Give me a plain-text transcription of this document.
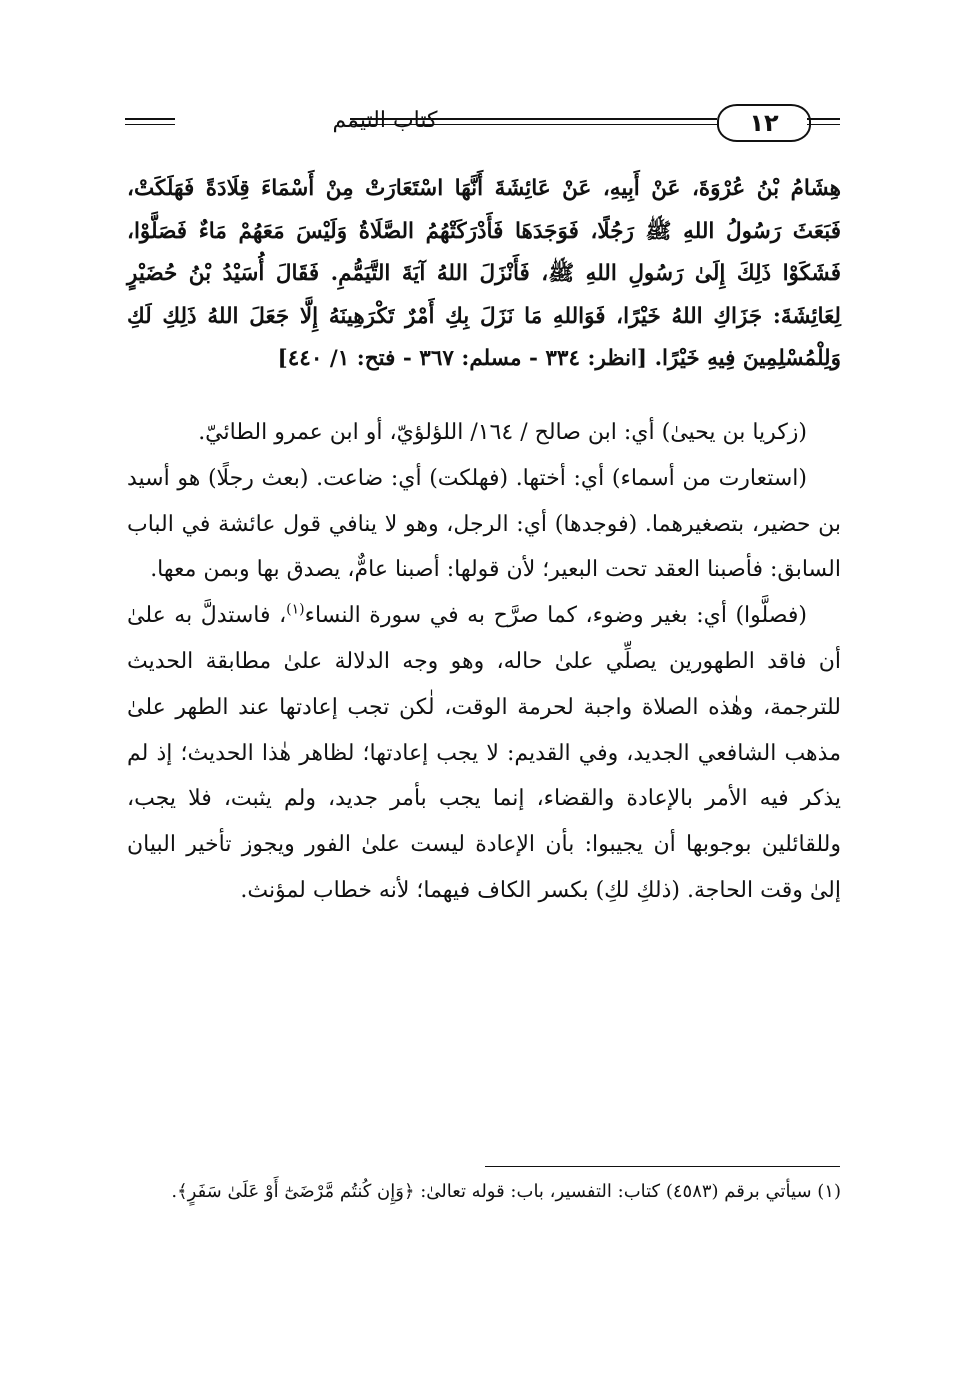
كتاب التيمم	١٢
هِشَامُ بْنُ عُرْوَةَ، عَنْ أَبِيهِ، عَنْ عَائِشَةَ أَنَّهَا اسْتَعَارَتْ مِنْ أَسْمَاءَ قِلَادَةً فَهَلَكَتْ، فَبَعَثَ رَسُولُ اللهِ ﷺ رَجُلًا، فَوَجَدَهَا فَأَدْرَكَتْهُمُ الصَّلَاةُ وَلَيْسَ مَعَهُمْ مَاءٌ فَصَلَّوْا، فَشَكَوْا ذَلِكَ إِلَىٰ رَسُولِ اللهِ ﷺ، فَأَنْزَلَ اللهُ آيَةَ التَّيَمُّمِ. فَقَالَ أُسَيْدُ بْنُ حُضَيْرٍ لِعَائِشَةَ: جَزَاكِ اللهُ خَيْرًا، فَوَاللهِ مَا نَزَلَ بِكِ أَمْرٌ تَكْرَهِينَهُ إِلَّا جَعَلَ اللهُ ذَلِكِ لَكِ وَلِلْمُسْلِمِينَ فِيهِ خَيْرًا. [انظر: ٣٣٤ - مسلم: ٣٦٧ - فتح: ١/ ٤٤٠]

(زكريا بن يحيىٰ) أي: ابن صالح / ١٦٤/ اللؤلؤيّ، أو ابن عمرو الطائيّ.

(استعارت من أسماء) أي: أختها. (فهلكت) أي: ضاعت. (بعث رجلًا) هو أسيد بن حضير، بتصغيرهما. (فوجدها) أي: الرجل، وهو لا ينافي قول عائشة في الباب السابق: فأصبنا العقد تحت البعير؛ لأن قولها: أصبنا عامٌّ، يصدق بها وبمن معها.

(فصلَّوا) أي: بغير وضوء، كما صرَّح به في سورة النساء$^{(١)}$، فاستدلَّ به علىٰ أن فاقد الطهورين يصلِّي علىٰ حاله، وهو وجه الدلالة علىٰ مطابقة الحديث للترجمة، وهٰذه الصلاة واجبة لحرمة الوقت، لٰكن تجب إعادتها عند الطهر علىٰ مذهب الشافعي الجديد، وفي القديم: لا يجب إعادتها؛ لظاهر هٰذا الحديث؛ إذ لم يذكر فيه الأمر بالإعادة والقضاء، إنما يجب بأمر جديد، ولم يثبت، فلا يجب، وللقائلين بوجوبها أن يجيبوا: بأن الإعادة ليست علىٰ الفور ويجوز تأخير البيان إلىٰ وقت الحاجة. (ذلكِ لكِ) بكسر الكاف فيهما؛ لأنه خطاب لمؤنث.

(١) سيأتي برقم (٤٥٨٣) كتاب: التفسير، باب: قوله تعالىٰ: ﴿وَإِن كُنتُم مَّرْضَىٰٓ أَوْ عَلَىٰ سَفَرٍ﴾.
